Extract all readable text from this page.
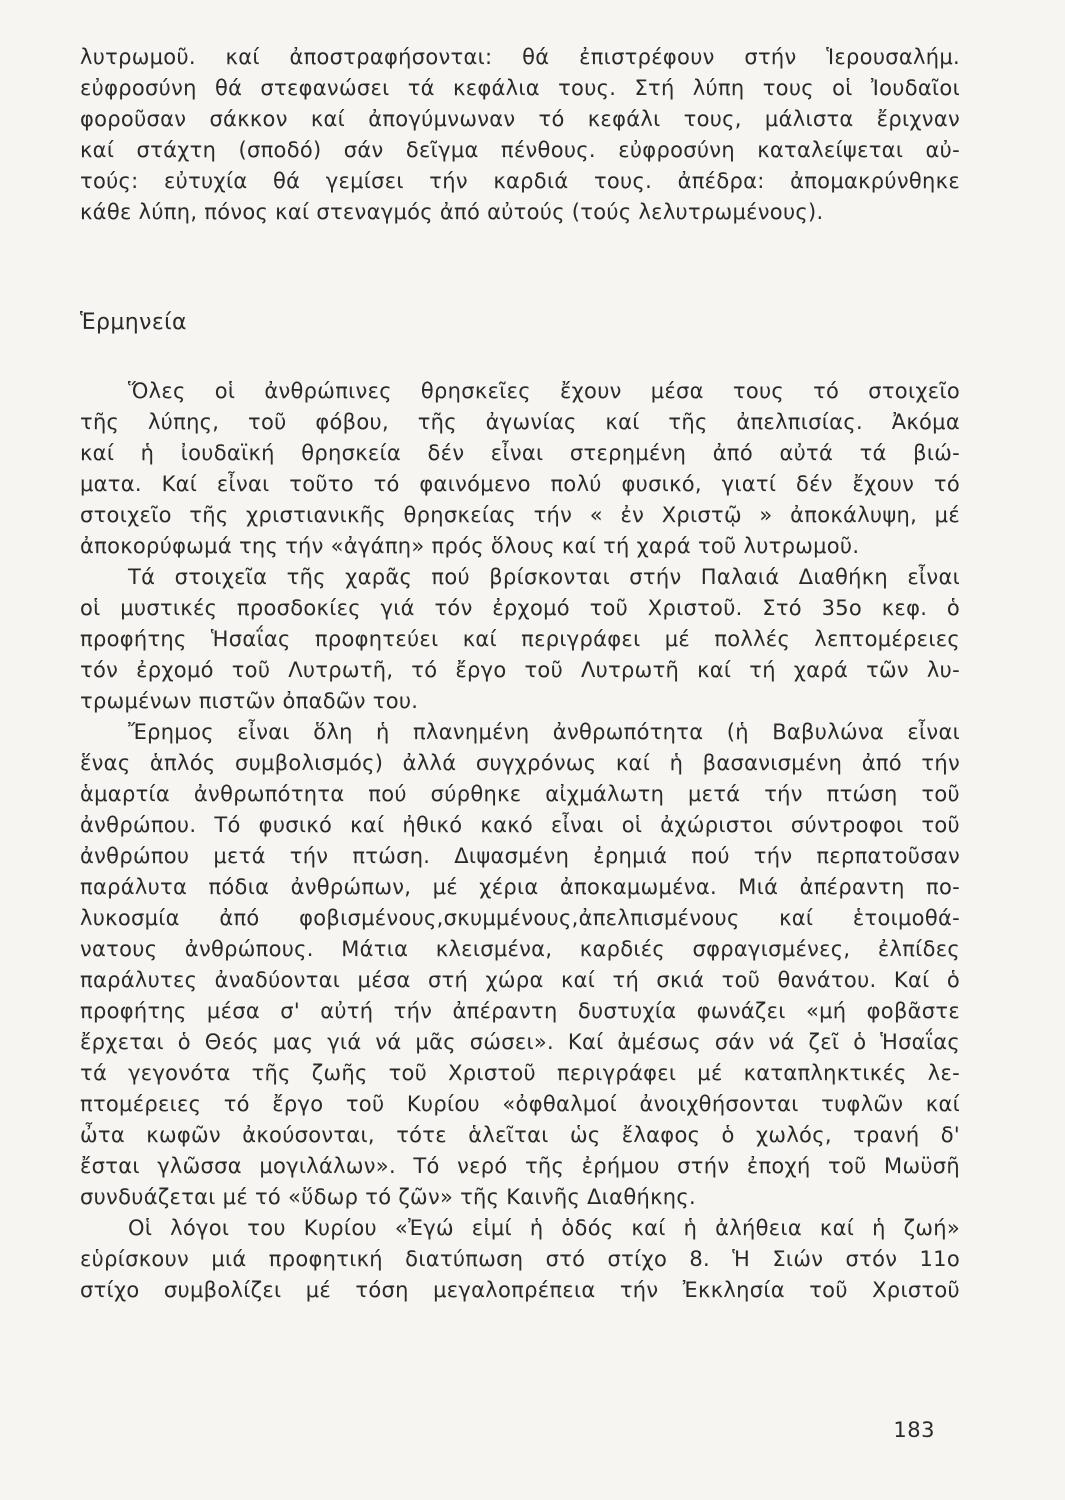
λυτρωμοῦ. καί ἀποστραφήσονται: θά ἐπιστρέφουν στήν Ἱερουσαλήμ.
εὐφροσύνη θά στεφανώσει τά κεφάλια τους. Στή λύπη τους οἱ Ἰουδαῖοι
φοροῦσαν σάκκον καί ἀπογύμνωναν τό κεφάλι τους, μάλιστα ἔριχναν
καί στάχτη (σποδό) σάν δεῖγμα πένθους. εὐφροσύνη καταλείψεται αὐ-
τούς: εὐτυχία θά γεμίσει τήν καρδιά τους. ἀπέδρα: ἀπομακρύνθηκε
κάθε λύπη, πόνος καί στεναγμός ἀπό αὐτούς (τούς λελυτρωμένους).
Ἑρμηνεία
Ὅλες οἱ ἀνθρώπινες θρησκεῖες ἔχουν μέσα τους τό στοιχεῖο
τῆς λύπης, τοῦ φόβου, τῆς ἀγωνίας καί τῆς ἀπελπισίας. Ἀκόμα
καί ἡ ἰουδαϊκή θρησκεία δέν εἶναι στερημένη ἀπό αὐτά τά βιώ-
ματα. Καί εἶναι τοῦτο τό φαινόμενο πολύ φυσικό, γιατί δέν ἔχουν τό
στοιχεῖο τῆς χριστιανικῆς θρησκείας τήν « ἐν Χριστῷ » ἀποκάλυψη, μέ
ἀποκορύφωμά της τήν «ἀγάπη» πρός ὅλους καί τή χαρά τοῦ λυτρωμοῦ.
Τά στοιχεῖα τῆς χαρᾶς πού βρίσκονται στήν Παλαιά Διαθήκη εἶναι
οἱ μυστικές προσδοκίες γιά τόν ἐρχομό τοῦ Χριστοῦ. Στό 35ο κεφ. ὁ
προφήτης Ἡσαΐας προφητεύει καί περιγράφει μέ πολλές λεπτομέρειες
τόν ἐρχομό τοῦ Λυτρωτῆ, τό ἔργο τοῦ Λυτρωτῆ καί τή χαρά τῶν λυ-
τρωμένων πιστῶν ὀπαδῶν του.
Ἔρημος εἶναι ὅλη ἡ πλανημένη ἀνθρωπότητα (ἡ Βαβυλώνα εἶναι
ἕνας ἁπλός συμβολισμός) ἀλλά συγχρόνως καί ἡ βασανισμένη ἀπό τήν
ἁμαρτία ἀνθρωπότητα πού σύρθηκε αἰχμάλωτη μετά τήν πτώση τοῦ
ἀνθρώπου. Τό φυσικό καί ἠθικό κακό εἶναι οἱ ἀχώριστοι σύντροφοι τοῦ
ἀνθρώπου μετά τήν πτώση. Διψασμένη ἐρημιά πού τήν περπατοῦσαν
παράλυτα πόδια ἀνθρώπων, μέ χέρια ἀποκαμωμένα. Μιά ἀπέραντη πο-
λυκοσμία ἀπό φοβισμένους,σκυμμένους,ἀπελπισμένους καί ἑτοιμοθά-
νατους ἀνθρώπους. Μάτια κλεισμένα, καρδιές σφραγισμένες, ἐλπίδες
παράλυτες ἀναδύονται μέσα στή χώρα καί τή σκιά τοῦ θανάτου. Καί ὁ
προφήτης μέσα σ' αὐτή τήν ἀπέραντη δυστυχία φωνάζει «μή φοβᾶστε
ἔρχεται ὁ Θεός μας γιά νά μᾶς σώσει». Καί ἀμέσως σάν νά ζεῖ ὁ Ἡσαΐας
τά γεγονότα τῆς ζωῆς τοῦ Χριστοῦ περιγράφει μέ καταπληκτικές λε-
πτομέρειες τό ἔργο τοῦ Κυρίου «ὀφθαλμοί ἀνοιχθήσονται τυφλῶν καί
ὦτα κωφῶν ἀκούσονται, τότε ἁλεῖται ὡς ἔλαφος ὁ χωλός, τρανή δ'
ἔσται γλῶσσα μογιλάλων». Τό νερό τῆς ἐρήμου στήν ἐποχή τοῦ Μωϋσῆ
συνδυάζεται μέ τό «ὕδωρ τό ζῶν» τῆς Καινῆς Διαθήκης.
Οἱ λόγοι του Κυρίου «Ἐγώ εἰμί ἡ ὁδός καί ἡ ἀλήθεια καί ἡ ζωή»
εὑρίσκουν μιά προφητική διατύπωση στό στίχο 8. Ἡ Σιών στόν 11ο
στίχο συμβολίζει μέ τόση μεγαλοπρέπεια τήν Ἐκκλησία τοῦ Χριστοῦ
183
